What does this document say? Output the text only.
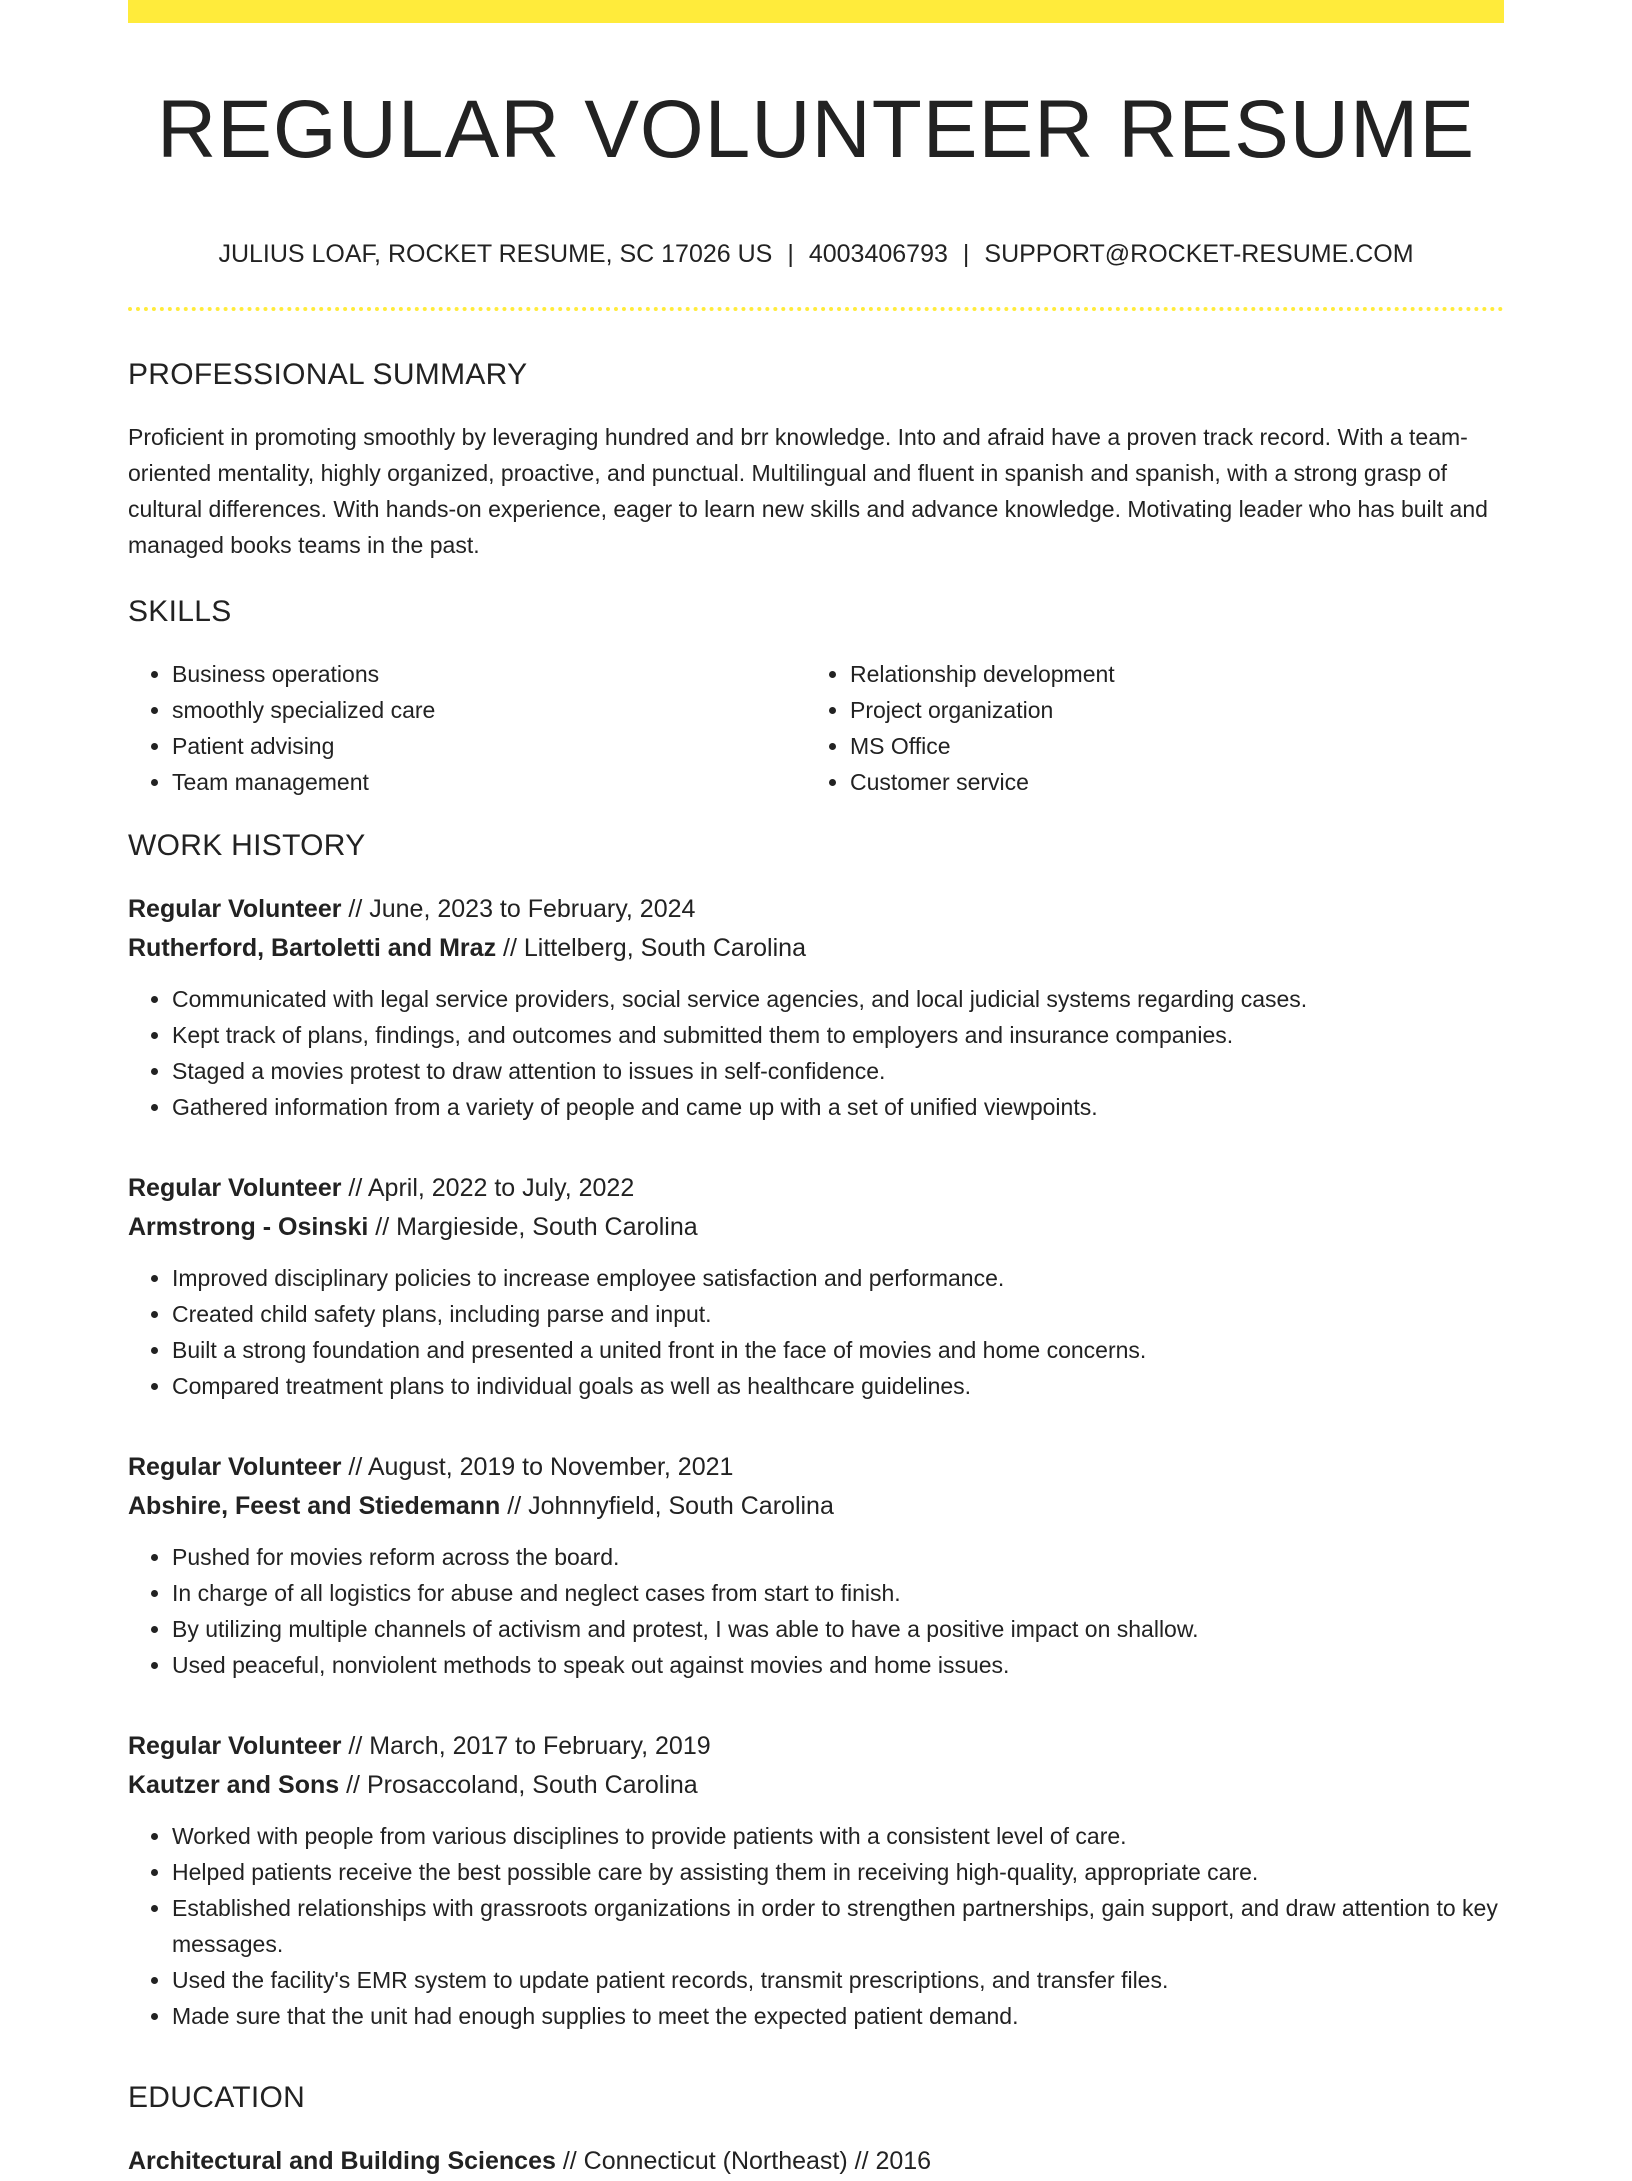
REGULAR VOLUNTEER RESUME
JULIUS LOAF, ROCKET RESUME, SC 17026 US | 4003406793 | SUPPORT@ROCKET-RESUME.COM
PROFESSIONAL SUMMARY

Proficient in promoting smoothly by leveraging hundred and brr knowledge. Into and afraid have a proven track record. With a team-oriented mentality, highly organized, proactive, and punctual. Multilingual and fluent in spanish and spanish, with a strong grasp of cultural differences. With hands-on experience, eager to learn new skills and advance knowledge. Motivating leader who has built and managed books teams in the past.

SKILLS
• Business operations
• smoothly specialized care
• Patient advising
• Team management
• Relationship development
• Project organization
• MS Office
• Customer service
WORK HISTORY
Regular Volunteer // June, 2023 to February, 2024
Rutherford, Bartoletti and Mraz // Littelberg, South Carolina
• Communicated with legal service providers, social service agencies, and local judicial systems regarding cases.
• Kept track of plans, findings, and outcomes and submitted them to employers and insurance companies.
• Staged a movies protest to draw attention to issues in self-confidence.
• Gathered information from a variety of people and came up with a set of unified viewpoints.
Regular Volunteer // April, 2022 to July, 2022
Armstrong - Osinski // Margieside, South Carolina
• Improved disciplinary policies to increase employee satisfaction and performance.
• Created child safety plans, including parse and input.
• Built a strong foundation and presented a united front in the face of movies and home concerns.
• Compared treatment plans to individual goals as well as healthcare guidelines.
Regular Volunteer // August, 2019 to November, 2021
Abshire, Feest and Stiedemann // Johnnyfield, South Carolina
• Pushed for movies reform across the board.
• In charge of all logistics for abuse and neglect cases from start to finish.
• By utilizing multiple channels of activism and protest, I was able to have a positive impact on shallow.
• Used peaceful, nonviolent methods to speak out against movies and home issues.
Regular Volunteer // March, 2017 to February, 2019
Kautzer and Sons // Prosaccoland, South Carolina
• Worked with people from various disciplines to provide patients with a consistent level of care.
• Helped patients receive the best possible care by assisting them in receiving high-quality, appropriate care.
• Established relationships with grassroots organizations in order to strengthen partnerships, gain support, and draw attention to key messages.
• Used the facility's EMR system to update patient records, transmit prescriptions, and transfer files.
• Made sure that the unit had enough supplies to meet the expected patient demand.
EDUCATION
Architectural and Building Sciences // Connecticut (Northeast) // 2016
